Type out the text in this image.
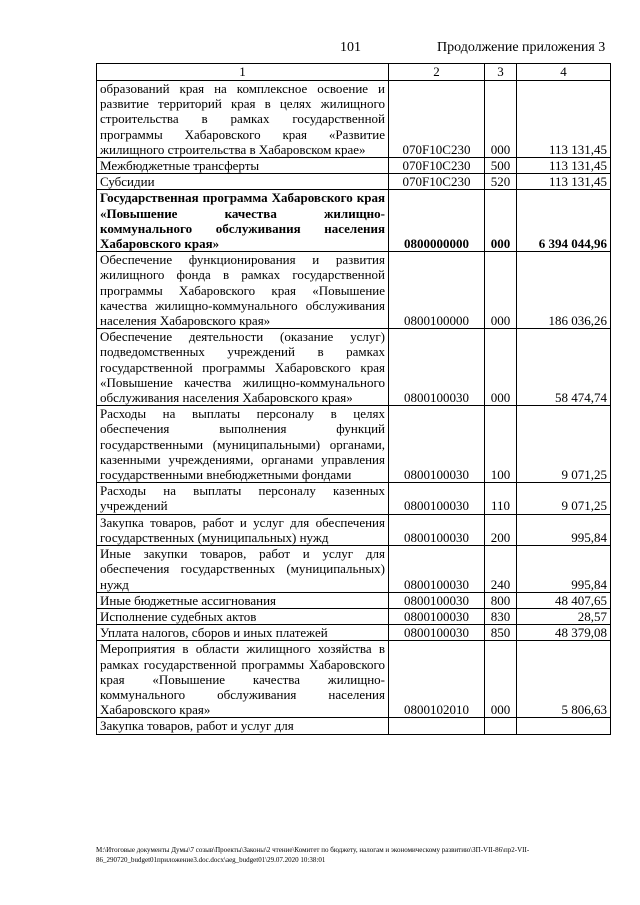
101	Продолжение приложения 3
1	2	3	4
образований края на комплексное освоение и развитие территорий края в целях жилищного строительства в рамках государственной программы Хабаровского края «Развитие жилищного строительства в Хабаровском крае»	070F10C230	000	113 131,45
Межбюджетные трансферты	070F10C230	500	113 131,45
Субсидии	070F10C230	520	113 131,45
Государственная программа Хабаровского края «Повышение качества жилищно-коммунального обслуживания населения Хабаровского края»	0800000000	000	6 394 044,96
Обеспечение функционирования и развития жилищного фонда в рамках государственной программы Хабаровского края «Повышение качества жилищно-коммунального обслуживания населения Хабаровского края»	0800100000	000	186 036,26
Обеспечение деятельности (оказание услуг) подведомственных учреждений в рамках государственной программы Хабаровского края «Повышение качества жилищно-коммунального обслуживания населения Хабаровского края»	0800100030	000	58 474,74
Расходы на выплаты персоналу в целях обеспечения выполнения функций государственными (муниципальными) органами, казенными учреждениями, органами управления государственными внебюджетными фондами	0800100030	100	9 071,25
Расходы на выплаты персоналу казенных учреждений	0800100030	110	9 071,25
Закупка товаров, работ и услуг для обеспечения государственных (муниципальных) нужд	0800100030	200	995,84
Иные закупки товаров, работ и услуг для обеспечения государственных (муниципальных) нужд	0800100030	240	995,84
Иные бюджетные ассигнования	0800100030	800	48 407,65
Исполнение судебных актов	0800100030	830	28,57
Уплата налогов, сборов и иных платежей	0800100030	850	48 379,08
Мероприятия в области жилищного хозяйства в рамках государственной программы Хабаровского края «Повышение качества жилищно-коммунального обслуживания населения Хабаровского края»	0800102010	000	5 806,63
Закупка товаров, работ и услуг для			
M:\Итоговые документы Думы\7 созыв\Проекты\Законы\2 чтение\Комитет по бюджету, налогам и экономическому развитию\ЗП-VII-86\пр2-VII-86_290720_budget01приложение3.doc.docx\aeg_budget01\29.07.2020 10:38:01
